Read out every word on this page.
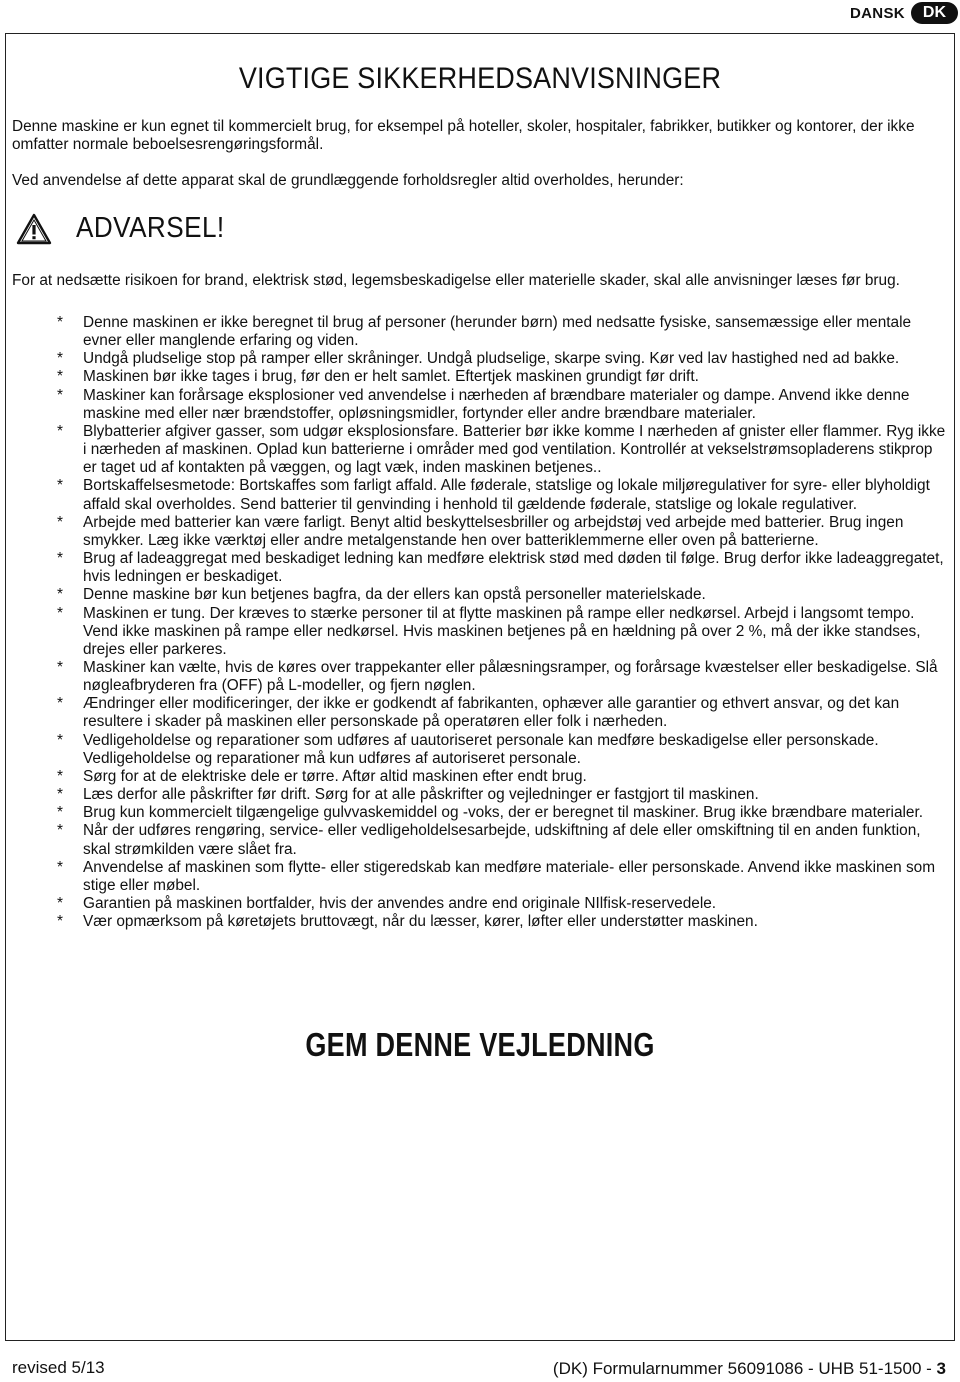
DANSK	DK
VIGTIGE SIKKERHEDSANVISNINGER

Denne maskine er kun egnet til kommercielt brug, for eksempel på hoteller, skoler, hospitaler, fabrikker, butikker og kontorer, der ikke omfatter normale beboelsesrengøringsformål.

Ved anvendelse af dette apparat skal de grundlæggende forholdsregler altid overholdes, herunder:

ADVARSEL!

For at nedsætte risikoen for brand, elektrisk stød, legemsbeskadigelse eller materielle skader, skal alle anvisninger læses før brug.

* Denne maskinen er ikke beregnet til brug af personer (herunder børn) med nedsatte fysiske, sansemæssige eller mentale evner eller manglende erfaring og viden.
* Undgå pludselige stop på ramper eller skråninger. Undgå pludselige, skarpe sving. Kør ved lav hastighed ned ad bakke.
* Maskinen bør ikke tages i brug, før den er helt samlet. Eftertjek maskinen grundigt før drift.
* Maskiner kan forårsage eksplosioner ved anvendelse i nærheden af brændbare materialer og dampe. Anvend ikke denne maskine med eller nær brændstoffer, opløsningsmidler, fortynder eller andre brændbare materialer.
* Blybatterier afgiver gasser, som udgør eksplosionsfare. Batterier bør ikke komme I nærheden af gnister eller flammer. Ryg ikke i nærheden af maskinen. Oplad kun batterierne i områder med god ventilation. Kontrollér at vekselstrømsopladerens stikprop er taget ud af kontakten på væggen, og lagt væk, inden maskinen betjenes..
* Bortskaffelsesmetode: Bortskaffes som farligt affald. Alle føderale, statslige og lokale miljøregulativer for syre- eller blyholdigt affald skal overholdes. Send batterier til genvinding i henhold til gældende føderale, statslige og lokale regulativer.
* Arbejde med batterier kan være farligt. Benyt altid beskyttelsesbriller og arbejdstøj ved arbejde med batterier. Brug ingen smykker. Læg ikke værktøj eller andre metalgenstande hen over batteriklemmerne eller oven på batterierne.
* Brug af ladeaggregat med beskadiget ledning kan medføre elektrisk stød med døden til følge. Brug derfor ikke ladeaggregatet, hvis ledningen er beskadiget.
* Denne maskine bør kun betjenes bagfra, da der ellers kan opstå personeller materielskade.
* Maskinen er tung. Der kræves to stærke personer til at flytte maskinen på rampe eller nedkørsel. Arbejd i langsomt tempo. Vend ikke maskinen på rampe eller nedkørsel. Hvis maskinen betjenes på en hældning på over 2 %, må der ikke standses, drejes eller parkeres.
* Maskiner kan vælte, hvis de køres over trappekanter eller pålæsningsramper, og forårsage kvæstelser eller beskadigelse. Slå nøgleafbryderen fra (OFF) på L-modeller, og fjern nøglen.
* Ændringer eller modificeringer, der ikke er godkendt af fabrikanten, ophæver alle garantier og ethvert ansvar, og det kan resultere i skader på maskinen eller personskade på operatøren eller folk i nærheden.
* Vedligeholdelse og reparationer som udføres af uautoriseret personale kan medføre beskadigelse eller personskade. Vedligeholdelse og reparationer må kun udføres af autoriseret personale.
* Sørg for at de elektriske dele er tørre. Aftør altid maskinen efter endt brug.
* Læs derfor alle påskrifter før drift. Sørg for at alle påskrifter og vejledninger er fastgjort til maskinen.
* Brug kun kommercielt tilgængelige gulvvaskemiddel og -voks, der er beregnet til maskiner. Brug ikke brændbare materialer.
* Når der udføres rengøring, service- eller vedligeholdelsesarbejde, udskiftning af dele eller omskiftning til en anden funktion, skal strømkilden være slået fra.
* Anvendelse af maskinen som flytte- eller stigeredskab kan medføre materiale- eller personskade. Anvend ikke maskinen som stige eller møbel.
* Garantien på maskinen bortfalder, hvis der anvendes andre end originale NIlfisk-reservedele.
* Vær opmærksom på køretøjets bruttovægt, når du læsser, kører, løfter eller understøtter maskinen.
GEM DENNE VEJLEDNING
revised 5/13	(DK) Formularnummer 56091086 - UHB 51-1500 - 3
